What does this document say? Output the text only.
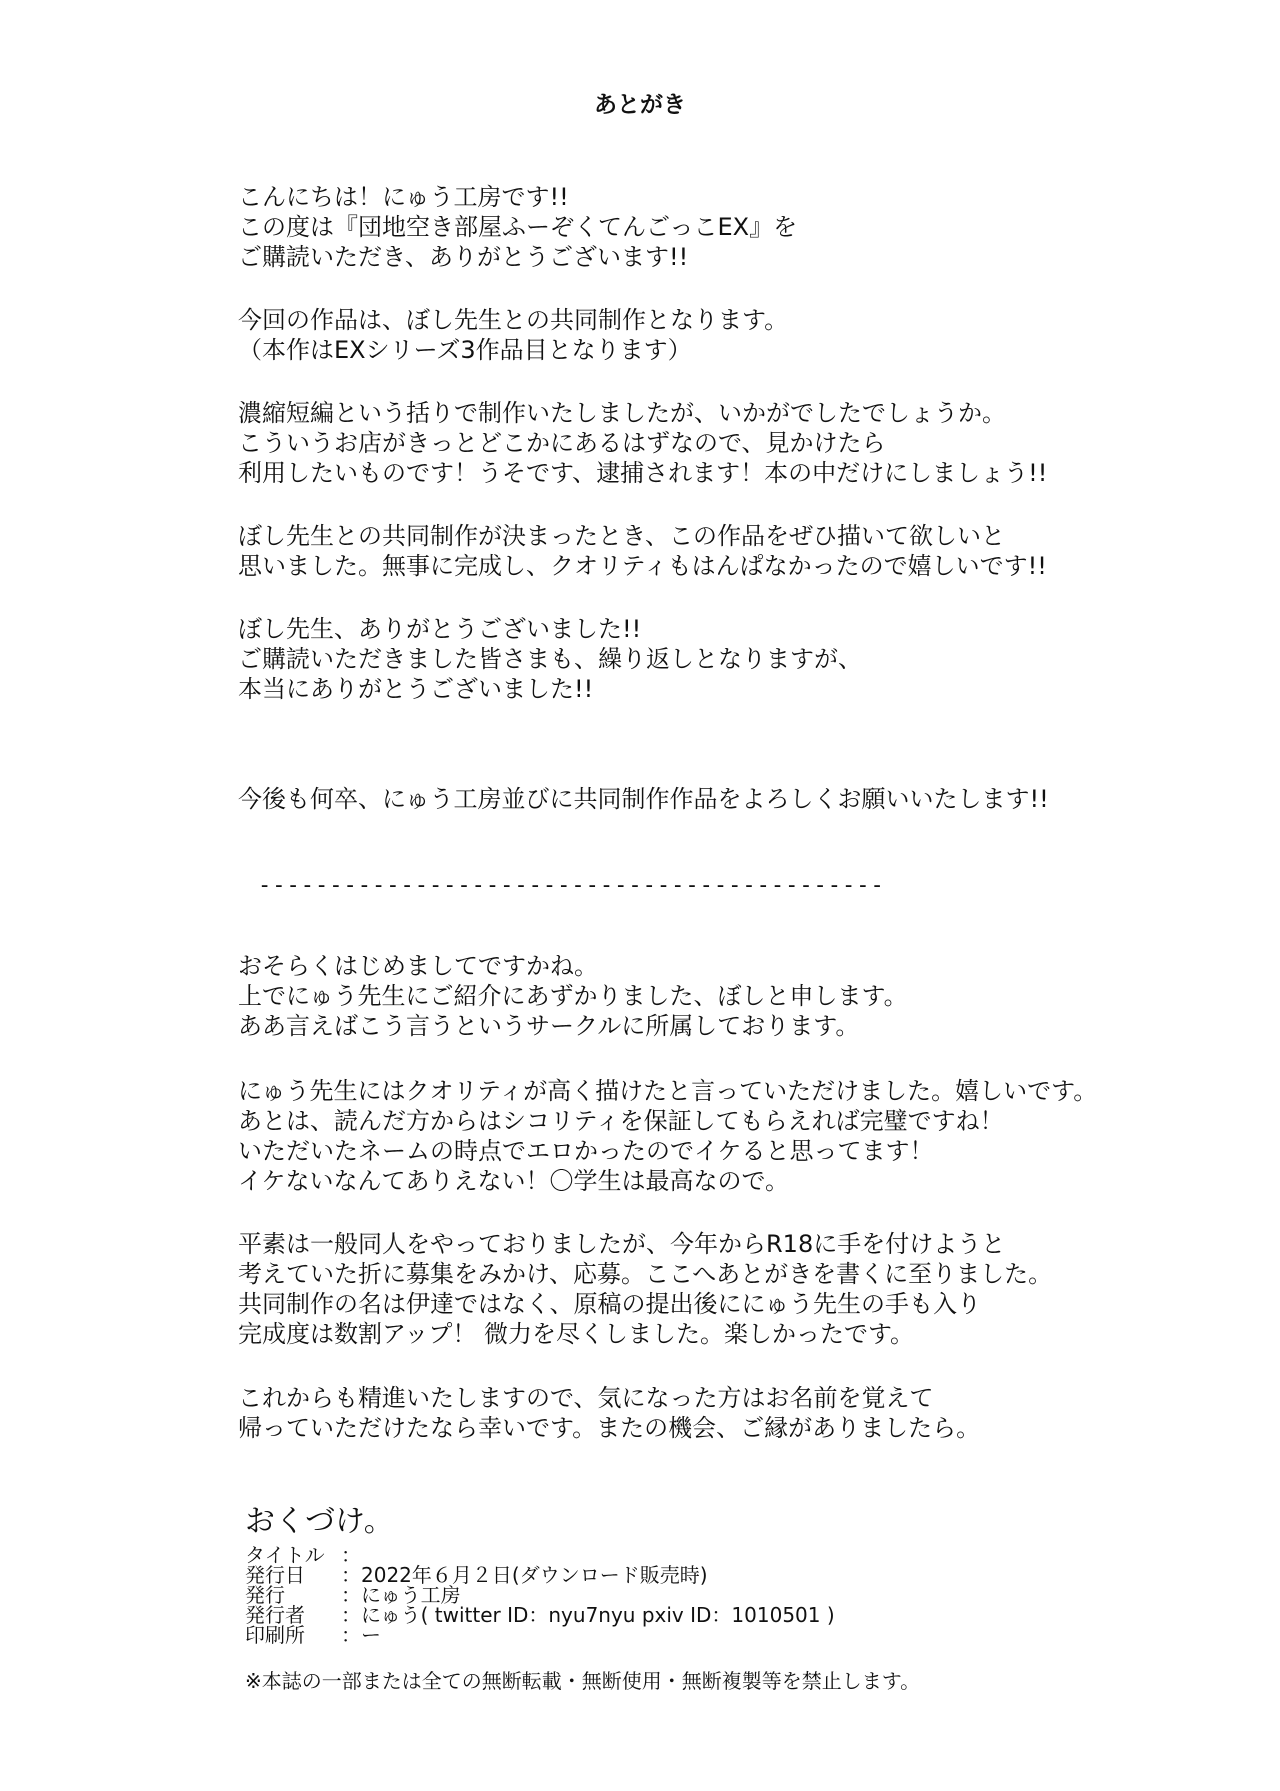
あとがき
こんにちは！にゅう工房です!!
この度は『団地空き部屋ふーぞくてんごっこEX』を
ご購読いただき、ありがとうございます!!
今回の作品は、ぼし先生との共同制作となります。
（本作はEXシリーズ3作品目となります）
濃縮短編という括りで制作いたしましたが、いかがでしたでしょうか。
こういうお店がきっとどこかにあるはずなので、見かけたら
利用したいものです！うそです、逮捕されます！本の中だけにしましょう!!
ぼし先生との共同制作が決まったとき、この作品をぜひ描いて欲しいと
思いました。無事に完成し、クオリティもはんぱなかったので嬉しいです!!
ぼし先生、ありがとうございました!!
ご購読いただきました皆さまも、繰り返しとなりますが、
本当にありがとうございました!!
今後も何卒、にゅう工房並びに共同制作作品をよろしくお願いいたします!!
--------------------------------------------
おそらくはじめましてですかね。
上でにゅう先生にご紹介にあずかりました、ぼしと申します。
ああ言えばこう言うというサークルに所属しております。
にゅう先生にはクオリティが高く描けたと言っていただけました。嬉しいです。
あとは、読んだ方からはシコリティを保証してもらえれば完璧ですね！
いただいたネームの時点でエロかったのでイケると思ってます！
イケないなんてありえない！〇学生は最高なので。
平素は一般同人をやっておりましたが、今年からR18に手を付けようと
考えていた折に募集をみかけ、応募。ここへあとがきを書くに至りました。
共同制作の名は伊達ではなく、原稿の提出後ににゅう先生の手も入り
完成度は数割アップ！ 微力を尽くしました。楽しかったです。
これからも精進いたしますので、気になった方はお名前を覚えて
帰っていただけたなら幸いです。またの機会、ご縁がありましたら。
おくづけ。
タイトル	：	
発行日	：	2022年６月２日(ダウンロード販売時)
発行	：	にゅう工房
発行者	：	にゅう( twitter ID：nyu7nyu pxiv ID：1010501 )
印刷所	：	ー

※本誌の一部または全ての無断転載・無断使用・無断複製等を禁止します。
